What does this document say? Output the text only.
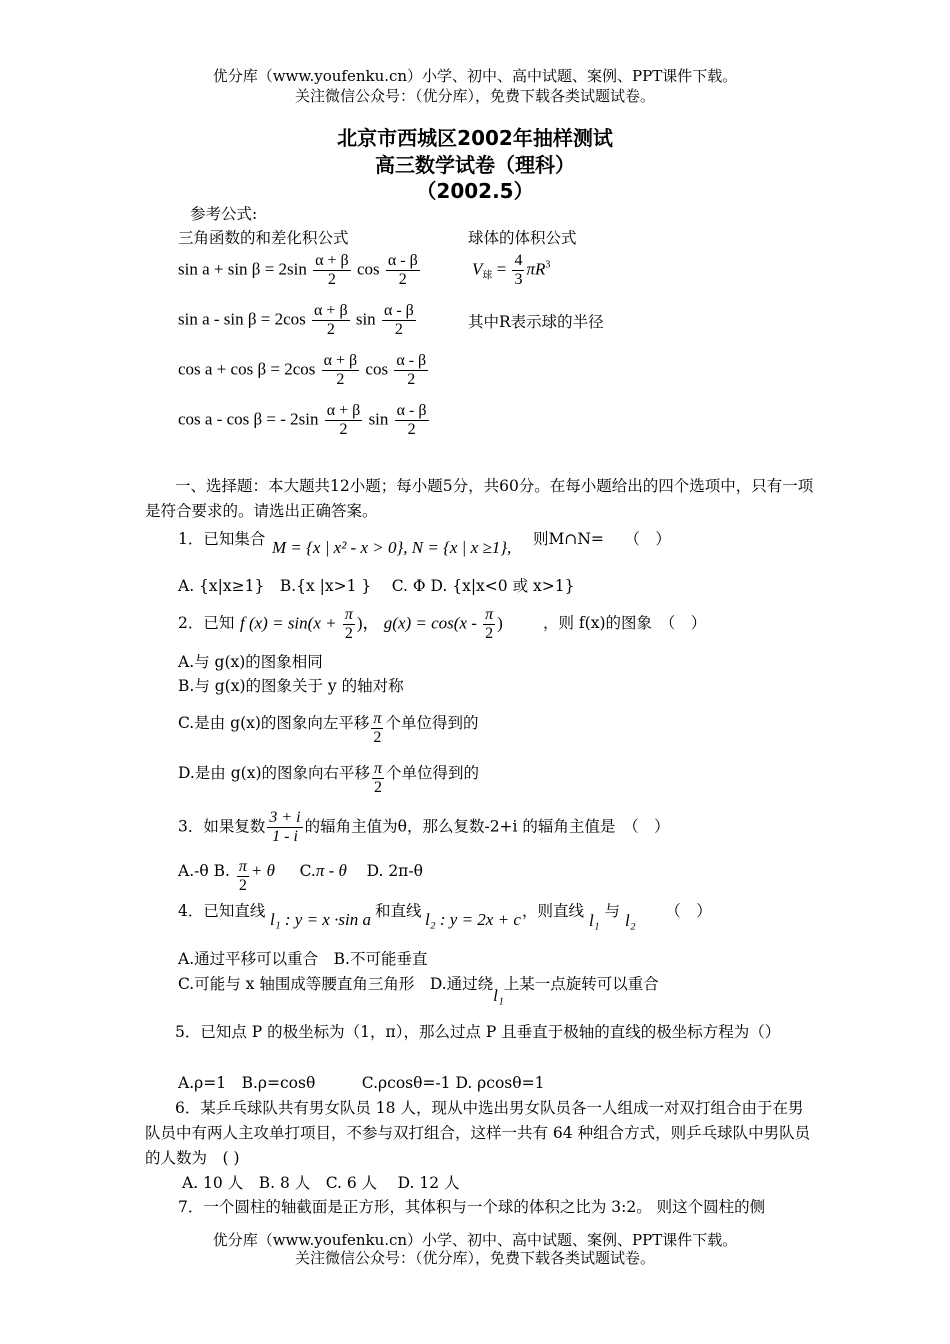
优分库（www.youfenku.cn）小学、初中、高中试题、案例、PPT课件下载。
关注微信公众号：（优分库），免费下载各类试题试卷。
北京市西城区2002年抽样测试
高三数学试卷（理科）
（2002.5）
参考公式:
三角函数的和差化积公式	球体的体积公式
$\sin a + \sin \beta = 2\sin \frac{\alpha + \beta}{2}$ $\cos \frac{\alpha - \beta}{2}$
$\sin a - \sin \beta = 2\cos \frac{\alpha + \beta}{2}$ $\sin \frac{\alpha - \beta}{2}$
$\cos a + \cos \beta = 2\cos \frac{\alpha + \beta}{2}$ $\cos \frac{\alpha - \beta}{2}$
cos a - cos β = - $2\sin \frac{\alpha + \beta}{2}$ $\sin \frac{\alpha - \beta}{2}$
$V_球 = \frac{4}{3} \pi R^3$
其中R表示球的半径
一、选择题：本大题共12小题；每小题5分，共60分。在每小题给出的四个选项中，只有一项是符合要求的。请选出正确答案。
1．已知集合 M = {x | x² - x > 0}, N = {x | x ≥1}, 则M∩N=　 （　）
A. {x|x≥1}　B.{x |x>1 }　 C. Φ D. {x|x<0 或 x>1}
2．已知 f $(x) = \sin(x + \frac{\pi}{2}$ )， $g(x) = \cos(x - \frac{\pi}{2}$ )	，则 f(x)的图象　（　）
A.与 g(x)的图象相同
B.与 g(x)的图象关于 y 的轴对称
C.是由 g(x)的图象向左平移 $\frac{\pi}{2}$ 个单位得到的
D.是由 g(x)的图象向右平移 $\frac{\pi}{2}$ 个单位得到的
3．如果复数 $\frac{3 + i}{1 - i}$ 的辐角主值为θ，那么复数-2+i 的辐角主值是　（　）
A.-θ B. $\frac{\pi}{2} + \theta$ C.π - θ D. 2π-θ
4．已知直线 l₁ : y = x ·sin a 和直线 l₂ : y = 2x + c ，则直线 l₁ 与 l₂ （　）
A.通过平移可以重合　B.不可能垂直
C.可能与 x 轴围成等腰直角三角形　D.通过绕l₁上某一点旋转可以重合
5．已知点 P 的极坐标为（1，π），那么过点 P 且垂直于极轴的直线的极坐标方程为（）
A.ρ=1　B.ρ=cosθ　　　C.ρcosθ=-1 D. ρcosθ=1
6．某乒乓球队共有男女队员 18 人，现从中选出男女队员各一人组成一对双打组合由于在男队员中有两人主攻单打项目，不参与双打组合，这样一共有 64 种组合方式，则乒乓球队中男队员的人数为　( )
A. 10 人　B. 8 人　C. 6 人　 D. 12 人
7．一个圆柱的轴截面是正方形，其体积与一个球的体积之比为 3:2。 则这个圆柱的侧
优分库（www.youfenku.cn）小学、初中、高中试题、案例、PPT课件下载。
关注微信公众号：（优分库），免费下载各类试题试卷。
